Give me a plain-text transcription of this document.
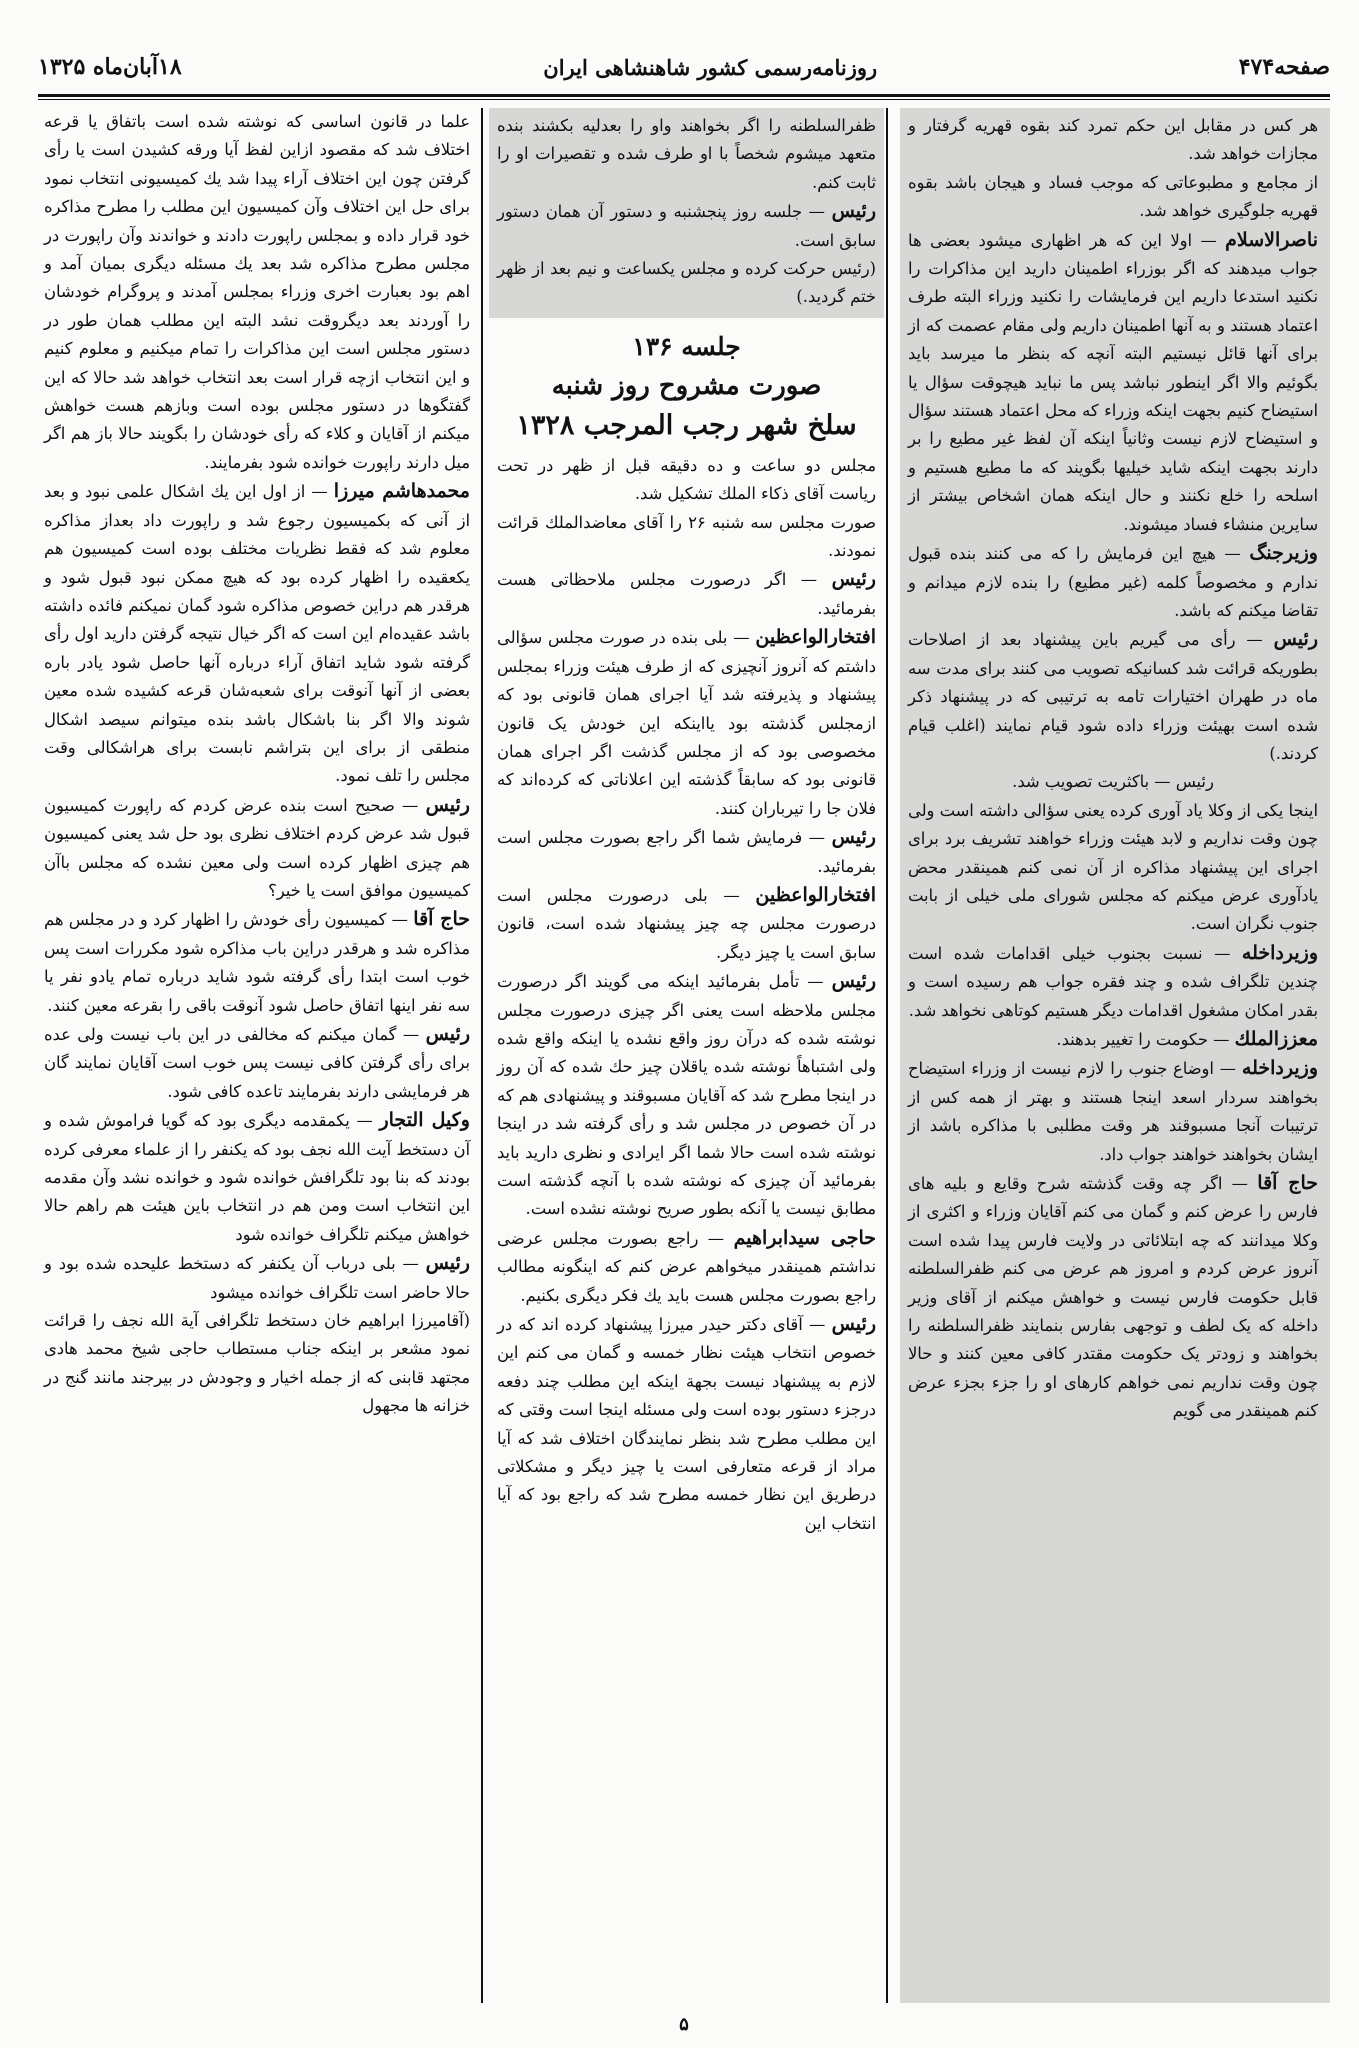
صفحه۴۷۴
روزنامه‌رسمی کشور شاهنشاهی ایران
۱۸آبان‌ماه ۱۳۲۵

هر کس در مقابل این حکم تمرد کند بقوه قهریه گرفتار و مجازات خواهد شد.

از مجامع و مطبوعاتی که موجب فساد و هیجان باشد بقوه قهریه جلوگیری خواهد شد.

ناصرالاسلام — اولا این که هر اظهاری میشود بعضی ها جواب میدهند که اگر بوزراء اطمینان دارید این مذاکرات را نکنید استدعا داریم این فرمایشات را نکنید وزراء البته طرف اعتماد هستند و به آنها اطمینان داریم ولی مقام عصمت که از برای آنها قائل نیستیم البته آنچه که بنظر ما میرسد باید بگوئیم والا اگر اینطور نباشد پس ما نباید هیچوقت سؤال یا استیضاح کنیم بجهت اینکه وزراء که محل اعتماد هستند سؤال و استیضاح لازم نیست وثانیاً اینکه آن لفظ غیر مطیع را بر دارند بجهت اینکه شاید خیلیها بگویند که ما مطیع هستیم و اسلحه را خلع نکنند و حال اینکه همان اشخاص بیشتر از سایرین منشاء فساد میشوند.

وزیرجنگ — هیچ این فرمایش را که می کنند بنده قبول ندارم و مخصوصاً کلمه (غیر مطیع) را بنده لازم میدانم و تقاضا میکنم که باشد.

رئیس — رأی می گیریم باین پیشنهاد بعد از اصلاحات بطوریکه قرائت شد کسانیکه تصویب می کنند برای مدت سه ماه در طهران اختیارات تامه به ترتیبی که در پیشنهاد ذکر شده است بهیئت وزراء داده شود قیام نمایند (اغلب قیام کردند.)

رئیس — باکثریت تصویب شد.

اینجا یکی از وکلا یاد آوری کرده یعنی سؤالی داشته است ولی چون وقت نداریم و لابد هیئت وزراء خواهند تشریف برد برای اجرای این پیشنهاد مذاکره از آن نمی کنم همینقدر محض یادآوری عرض میکنم که مجلس شورای ملی خیلی از بابت جنوب نگران است.

وزیرداخله — نسبت بجنوب خیلی اقدامات شده است چندین تلگراف شده و چند فقره جواب هم رسیده است و بقدر امکان مشغول اقدامات دیگر هستیم کوتاهی نخواهد شد.

معززالملك — حکومت را تغییر بدهند.

وزیرداخله — اوضاع جنوب را لازم نیست از وزراء استیضاح بخواهند سردار اسعد اینجا هستند و بهتر از همه کس از ترتیبات آنجا مسبوقند هر وقت مطلبی با مذاکره باشد از ایشان بخواهند خواهند جواب داد.

حاج آقا — اگر چه وقت گذشته شرح وقایع و بلیه های فارس را عرض کنم و گمان می کنم آقایان وزراء و اکثری از وکلا میدانند که چه ابتلائاتی در ولایت فارس پیدا شده است آنروز عرض کردم و امروز هم عرض می کنم ظفرالسلطنه قابل حکومت فارس نیست و خواهش میکنم از آقای وزیر داخله که یک لطف و توجهی بفارس بنمایند ظفرالسلطنه را بخواهند و زودتر یک حکومت مقتدر کافی معین کنند و حالا چون وقت نداریم نمی خواهم کارهای او را جزء بجزء عرض کنم همینقدر می گویم

ظفرالسلطنه را اگر بخواهند واو را بعدلیه بکشند بنده متعهد میشوم شخصاً با او طرف شده و تقصیرات او را ثابت کنم.

رئیس — جلسه روز پنجشنبه و دستور آن همان دستور سابق است.

(رئیس حرکت کرده و مجلس یکساعت و نیم بعد از ظهر ختم گردید.)

جلسه ۱۳۶
صورت مشروح روز شنبه
سلخ شهر رجب المرجب ۱۳۲۸

مجلس دو ساعت و ده دقیقه قبل از ظهر در تحت ریاست آقای ذکاء الملك تشکیل شد.

صورت مجلس سه شنبه ۲۶ را آقای معاضدالملك قرائت نمودند.

رئیس — اگر درصورت مجلس ملاحظاتی هست بفرمائید.

افتخارالواعظین — بلی بنده در صورت مجلس سؤالی داشتم که آنروز آنچیزی که از طرف هیئت وزراء بمجلس پیشنهاد و پذیرفته شد آیا اجرای همان قانونی بود که ازمجلس گذشته بود یااینکه این خودش یک قانون مخصوصی بود که از مجلس گذشت اگر اجرای همان قانونی بود که سابقاً گذشته این اعلاناتی که کرده‌اند که فلان جا را تیرباران کنند.

رئیس — فرمایش شما اگر راجع بصورت مجلس است بفرمائید.

افتخارالواعظین — بلی درصورت مجلس است درصورت مجلس چه چیز پیشنهاد شده است، قانون سابق است یا چیز دیگر.

رئیس — تأمل بفرمائید اینکه می گویند اگر درصورت مجلس ملاحظه است یعنی اگر چیزی درصورت مجلس نوشته شده که درآن روز واقع نشده یا اینکه واقع شده ولی اشتباهاً نوشته شده یاقلان چیز حك شده که آن روز در اینجا مطرح شد که آقایان مسبوقند و پیشنهادی هم که در آن خصوص در مجلس شد و رأی گرفته شد در اینجا نوشته شده است حالا شما اگر ایرادی و نظری دارید باید بفرمائید آن چیزی که نوشته شده با آنچه گذشته است مطابق نیست یا آنکه بطور صریح نوشته نشده است.

حاجی سیدابراهیم — راجع بصورت مجلس عرضی نداشتم همینقدر میخواهم عرض کنم که اینگونه مطالب راجع بصورت مجلس هست باید یك فکر دیگری بکنیم.

رئیس — آقای دکتر حیدر میرزا پیشنهاد کرده اند که در خصوص انتخاب هیئت نظار خمسه و گمان می کنم این لازم به پیشنهاد نیست بجهة اینکه این مطلب چند دفعه درجزء دستور بوده است ولی مسئله اینجا است وقتی که این مطلب مطرح شد بنظر نمایندگان اختلاف شد که آیا مراد از قرعه متعارفی است یا چیز دیگر و مشکلاتی درطریق این نظار خمسه مطرح شد که راجع بود که آیا انتخاب این

علما در قانون اساسی که نوشته شده است باتفاق یا قرعه اختلاف شد که مقصود ازاین لفظ آیا ورقه کشیدن است یا رأی گرفتن چون این اختلاف آراء پیدا شد یك کمیسیونی انتخاب نمود برای حل این اختلاف وآن کمیسیون این مطلب را مطرح مذاکره خود قرار داده و بمجلس راپورت دادند و خواندند وآن راپورت در مجلس مطرح مذاکره شد بعد یك مسئله دیگری بمیان آمد و اهم بود بعبارت اخری وزراء بمجلس آمدند و پروگرام خودشان را آوردند بعد دیگروقت نشد البته این مطلب همان طور در دستور مجلس است این مذاکرات را تمام میکنیم و معلوم کنیم و این انتخاب ازچه قرار است بعد انتخاب خواهد شد حالا که این گفتگوها در دستور مجلس بوده است وبازهم هست خواهش میکنم از آقایان و کلاء که رأی خودشان را بگویند حالا باز هم اگر میل دارند راپورت خوانده شود بفرمایند.

محمدهاشم میرزا — از اول این یك اشکال علمی نبود و بعد از آنی که بکمیسیون رجوع شد و راپورت داد بعداز مذاکره معلوم شد که فقط نظریات مختلف بوده است کمیسیون هم یکعقیده را اظهار کرده بود که هیچ ممکن نبود قبول شود و هرقدر هم دراین خصوص مذاکره شود گمان نمیکنم فائده داشته باشد عقیده‌ام این است که اگر خیال نتیجه گرفتن دارید اول رأی گرفته شود شاید اتفاق آراء درباره آنها حاصل شود یادر باره بعضی از آنها آنوقت برای شعبه‌شان قرعه کشیده شده معین شوند والا اگر بنا باشکال باشد بنده میتوانم سیصد اشکال منطقی از برای این بتراشم نابست برای هراشکالی وقت مجلس را تلف نمود.

رئیس — صحیح است بنده عرض کردم که راپورت کمیسیون قبول شد عرض کردم اختلاف نظری بود حل شد یعنی کمیسیون هم چیزی اظهار کرده است ولی معین نشده که مجلس باآن کمیسیون موافق است یا خیر؟

حاج آقا — کمیسیون رأی خودش را اظهار کرد و در مجلس هم مذاکره شد و هرقدر دراین باب مذاکره شود مکررات است پس خوب است ابتدا رأی گرفته شود شاید درباره تمام یادو نفر یا سه نفر اینها اتفاق حاصل شود آنوقت باقی را بقرعه معین کنند.

رئیس — گمان میکنم که مخالفی در این باب نیست ولی عده برای رأی گرفتن کافی نیست پس خوب است آقایان نمایند گان هر فرمایشی دارند بفرمایند تاعده کافی شود.

وکیل التجار — یکمقدمه دیگری بود که گویا فراموش شده و آن دستخط آیت الله نجف بود که یکنفر را از علماء معرفی کرده بودند که بنا بود تلگرافش خوانده شود و خوانده نشد وآن مقدمه این انتخاب است ومن هم در انتخاب باین هیئت هم راهم حالا خواهش میکنم تلگراف خوانده شود

رئیس — بلی درباب آن یکنفر که دستخط علیحده شده بود و حالا حاضر است تلگراف خوانده میشود

(آقامیرزا ابراهیم خان دستخط تلگرافی آیة الله نجف را قرائت نمود مشعر بر اینکه جناب مستطاب حاجی شیخ محمد هادی مجتهد قابنی که از جمله اخیار و وجودش در بیرجند مانند گنج در خزانه ها مجهول

۵
